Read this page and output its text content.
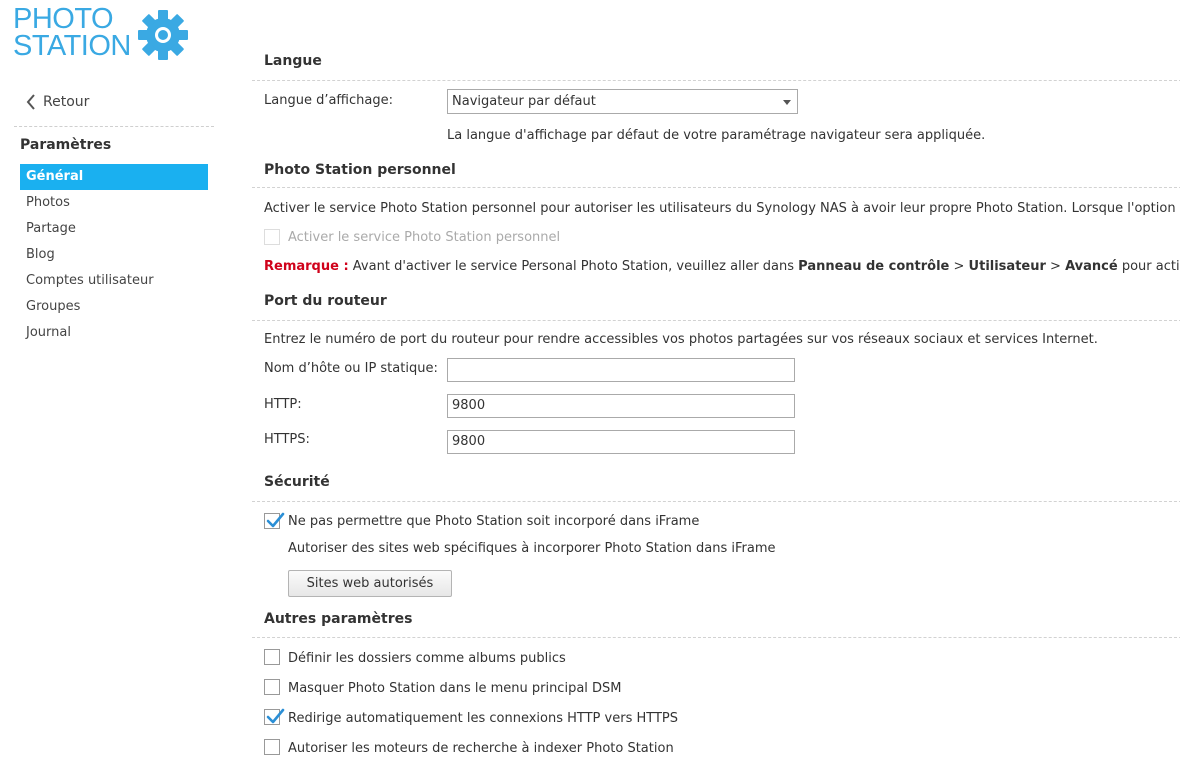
PHOTO
STATION
Retour
Paramètres
Général
Photos
Partage
Blog
Comptes utilisateur
Groupes
Journal
Langue
Langue d’affichage:	Navigateur par défaut
La langue d'affichage par défaut de votre paramétrage navigateur sera appliquée.
Photo Station personnel
Activer le service Photo Station personnel pour autoriser les utilisateurs du Synology NAS à avoir leur propre Photo Station. Lorsque l'option
Activer le service Photo Station personnel
Remarque : Avant d'activer le service Personal Photo Station, veuillez aller dans Panneau de contrôle > Utilisateur > Avancé pour acti
Port du routeur
Entrez le numéro de port du routeur pour rendre accessibles vos photos partagées sur vos réseaux sociaux et services Internet.
Nom d’hôte ou IP statique:
HTTP:	9800
HTTPS:	9800
Sécurité
Ne pas permettre que Photo Station soit incorporé dans iFrame
Autoriser des sites web spécifiques à incorporer Photo Station dans iFrame
Sites web autorisés
Autres paramètres
Définir les dossiers comme albums publics
Masquer Photo Station dans le menu principal DSM
Redirige automatiquement les connexions HTTP vers HTTPS
Autoriser les moteurs de recherche à indexer Photo Station
